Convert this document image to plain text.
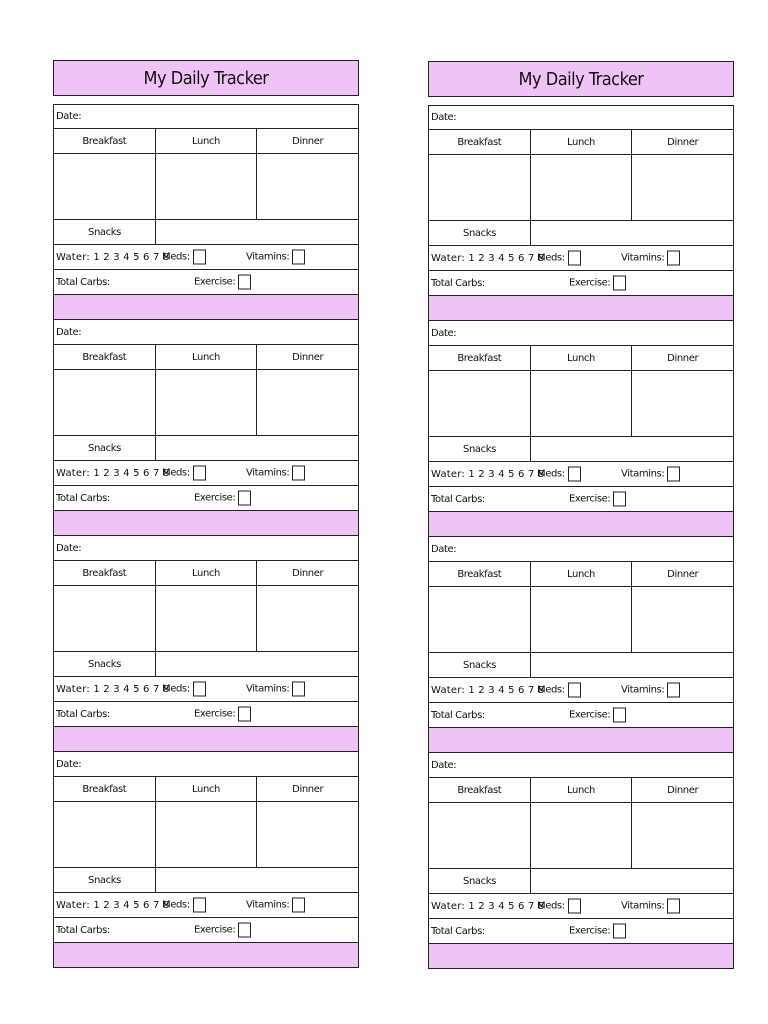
My Daily Tracker
Date:
Breakfast	Lunch	Dinner
Snacks
Water: 1 2 3 4 5 6 7 8
Meds:	Vitamins:
Total Carbs:	Exercise:
Date:
Breakfast	Lunch	Dinner
Snacks
Water: 1 2 3 4 5 6 7 8
Meds:	Vitamins:
Total Carbs:	Exercise:
Date:
Breakfast	Lunch	Dinner
Snacks
Water: 1 2 3 4 5 6 7 8
Meds:	Vitamins:
Total Carbs:	Exercise:
Date:
Breakfast	Lunch	Dinner
Snacks
Water: 1 2 3 4 5 6 7 8
Meds:	Vitamins:
Total Carbs:	Exercise:
My Daily Tracker
Date:
Breakfast	Lunch	Dinner
Snacks
Water: 1 2 3 4 5 6 7 8
Meds:	Vitamins:
Total Carbs:	Exercise:
Date:
Breakfast	Lunch	Dinner
Snacks
Water: 1 2 3 4 5 6 7 8
Meds:	Vitamins:
Total Carbs:	Exercise:
Date:
Breakfast	Lunch	Dinner
Snacks
Water: 1 2 3 4 5 6 7 8
Meds:	Vitamins:
Total Carbs:	Exercise:
Date:
Breakfast	Lunch	Dinner
Snacks
Water: 1 2 3 4 5 6 7 8
Meds:	Vitamins:
Total Carbs:	Exercise:
